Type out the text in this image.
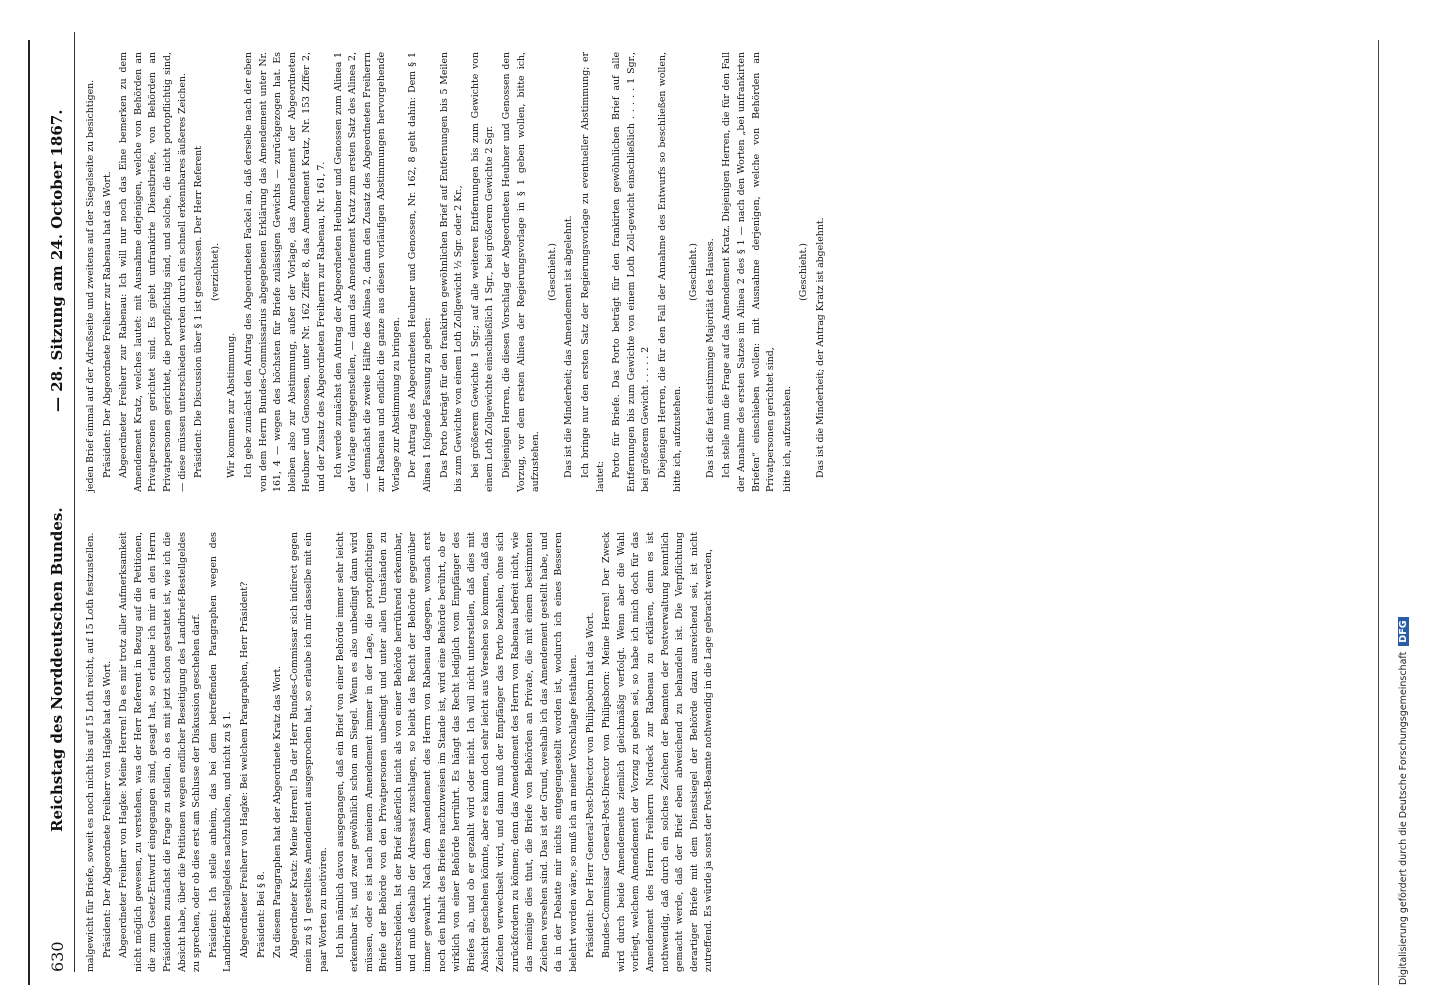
630
Reichstag des Norddeutschen Bundes.
— 28. Sitzung am 24. October 1867.

malgewicht für Briefe, soweit es noch nicht bis auf 15 Loth reicht, auf 15 Loth festzustellen. Präsident: Der Abgeordnete Freiherr von Hagke hat das Wort. Abgeordneter Freiherr von Hagke: Meine Herren! Da es mir trotz aller Aufmerksamkeit nicht möglich gewesen, zu verstehen, was der Herr Referent in Bezug auf die Petitionen, die zum Gesetz-Entwurf eingegangen sind, gesagt hat, so erlaube ich mir an den Herrn Präsidenten zunächst die Frage zu stellen, ob es mit jetzt schon gestattet ist, wie ich die Absicht habe, über die Petitionen wegen endlicher Beseitigung des Landbrief-Bestellgeldes zu sprechen, oder ob dies erst am Schlusse der Diskussion geschehen darf. Präsident: Ich stelle anheim, das bei dem betreffenden Paragraphen wegen des Landbrief-Bestellgeldes nachzuholen, und nicht zu § 1. Abgeordneter Freiherr von Hagke: Bei welchem Paragraphen, Herr Präsident? Präsident: Bei § 8. Zu diesem Paragraphen hat der Abgeordnete Kratz das Wort. Abgeordneter Kratz: Meine Herren! Da der Herr Bundes-Commissar sich indirect gegen mein zu § 1 gestelltes Amendement ausgesprochen hat, so erlaube ich mir dasselbe mit ein paar Worten zu motiviren. Ich bin nämlich davon ausgegangen, daß ein Brief von einer Behörde immer sehr leicht erkennbar ist, und zwar gewöhnlich schon am Siegel. Wenn es also unbedingt dann wird müssen, oder es ist nach meinem Amendement immer in der Lage, die portopflichtigen Briefe der Behörde von den Privatpersonen unbedingt und unter allen Umständen zu unterscheiden. Ist der Brief äußerlich nicht als von einer Behörde herrührend erkennbar, und muß deshalb der Adressat zuschlagen, so bleibt das Recht der Behörde gegenüber immer gewahrt. Nach dem Amendement des Herrn von Rabenau dagegen, wonach erst noch den Inhalt des Briefes nachzuweisen im Stande ist, wird eine Behörde berührt, ob er wirklich von einer Behörde herrührt. Es hängt das Recht lediglich vom Empfänger des Briefes ab, und ob er gezahlt wird oder nicht. Ich will nicht unterstellen, daß dies mit Absicht geschehen könnte, aber es kann doch sehr leicht aus Versehen so kommen, daß das Zeichen verwechselt wird, und dann muß der Empfänger das Porto bezahlen, ohne sich zurückfordern zu können; denn das Amendement des Herrn von Rabenau befreit nicht, wie das meinige dies thut, die Briefe von Behörden an Private, die mit einem bestimmten Zeichen versehen sind. Das ist der Grund, weshalb ich das Amendement gestellt habe, und da in der Debatte mir nichts entgegengestellt worden ist, wodurch ich eines Besseren belehrt worden wäre, so muß ich an meiner Vorschlage festhalten. Präsident: Der Herr General-Post-Director von Philipsborn hat das Wort. Bundes-Commissar General-Post-Director von Philipsborn: Meine Herren! Der Zweck wird durch beide Amendements ziemlich gleichmäßig verfolgt. Wenn aber die Wahl vorliegt, welchem Amendement der Vorzug zu geben sei, so habe ich mich doch für das Amendement des Herrn Freiherrn Nordeck zur Rabenau zu erklären, denn es ist nothwendig, daß durch ein solches Zeichen der Beamten der Postverwaltung kenntlich gemacht werde, daß der Brief eben abweichend zu behandeln ist. Die Verpflichtung derartiger Briefe mit dem Dienstsiegel der Behörde dazu ausreichend sei, ist nicht zutreffend. Es würde ja sonst der Post-Beamte nothwendig in die Lage gebracht werden,

jeden Brief einmal auf der Adreßseite und zweitens auf der Siegelseite zu besichtigen. Präsident: Der Abgeordnete Freiherr zur Rabenau hat das Wort. Abgeordneter Freiherr zur Rabenau: Ich will nur noch das Eine bemerken zu dem Amendement Kratz, welches lautet: mit Ausnahme derjenigen, welche von Behörden an Privatpersonen gerichtet sind. Es giebt unfrankirte Dienstbriefe, von Behörden an Privatpersonen gerichtet, die portopflichtig sind, und solche, die nicht portopflichtig sind, — diese müssen unterschieden werden durch ein schnell erkennbares äußeres Zeichen. Präsident: Die Discussion über § 1 ist geschlossen. Der Herr Referent (verzichtet).

Wir kommen zur Abstimmung. Ich gebe zunächst den Antrag des Abgeordneten Fackel an, daß derselbe nach der eben von dem Herrn Bundes-Commissarius abgegebenen Erklärung das Amendement unter Nr. 161, 4 — wegen des höchsten für Briefe zulässigen Gewichts — zurückgezogen hat. Es bleiben also zur Abstimmung, außer der Vorlage, das Amendement der Abgeordneten Heubner und Genossen, unter Nr. 162 Ziffer 8, das Amendement Kratz, Nr. 153 Ziffer 2, und der Zusatz des Abgeordneten Freiherrn zur Rabenau, Nr. 161, 7. Ich werde zunächst den Antrag der Abgeordneten Heubner und Genossen zum Alinea 1 der Vorlage entgegenstellen, — dann das Amendement Kratz zum ersten Satz des Alinea 2, — demnächst die zweite Hälfte des Alinea 2, dann den Zusatz des Abgeordneten Freiherrn zur Rabenau und endlich die ganze aus diesen vorläufigen Abstimmungen hervorgehende Vorlage zur Abstimmung zu bringen. Der Antrag des Abgeordneten Heubner und Genossen, Nr. 162, 8 geht dahin: Dem § 1 Alinea 1 folgende Fassung zu geben: Das Porto beträgt für den frankirten gewöhnlichen Brief auf Entfernungen bis 5 Meilen bis zum Gewichte von einem Loth Zollgewicht ½ Sgr. oder 2 Kr., bei größerem Gewichte 1 Sgr.; auf alle weiteren Entfernungen bis zum Gewichte von einem Loth Zollgewichte einschließlich 1 Sgr., bei größerem Gewichte 2 Sgr. Diejenigen Herren, die diesen Vorschlag der Abgeordneten Heubner und Genossen den Vorzug, vor dem ersten Alinea der Regierungsvorlage in § 1 geben wollen, bitte ich, aufzustehen.

(Geschieht.) Das ist die Minderheit; das Amendement ist abgelehnt. Ich bringe nur den ersten Satz der Regierungsvorlage zu eventueller Abstimmung; er lautet: Porto für Briefe. Das Porto beträgt für den frankirten gewöhnlichen Brief auf alle Entfernungen bis zum Gewichte von einem Loth Zoll-gewicht einschließlich . . . . . 1 Sgr., bei größerem Gewicht . . . . . 2 Diejenigen Herren, die für den Fall der Annahme des Entwurfs so beschließen wollen, bitte ich, aufzustehen.

(Geschieht.) Das ist die fast einstimmige Majorität des Hauses. Ich stelle nun die Frage auf das Amendement Kratz. Diejenigen Herren, die für den Fall der Annahme des ersten Satzes im Alinea 2 des § 1 — nach den Worten „bei unfrankirten Briefen“ einschieben wollen: mit Ausnahme derjenigen, welche von Behörden an Privatpersonen gerichtet sind, bitte ich, aufzustehen.

(Geschieht.) Das ist die Minderheit; der Antrag Kratz ist abgelehnt.

Digitalisierung gefördert durch die Deutsche ForschungsgemeinschaftDFG
